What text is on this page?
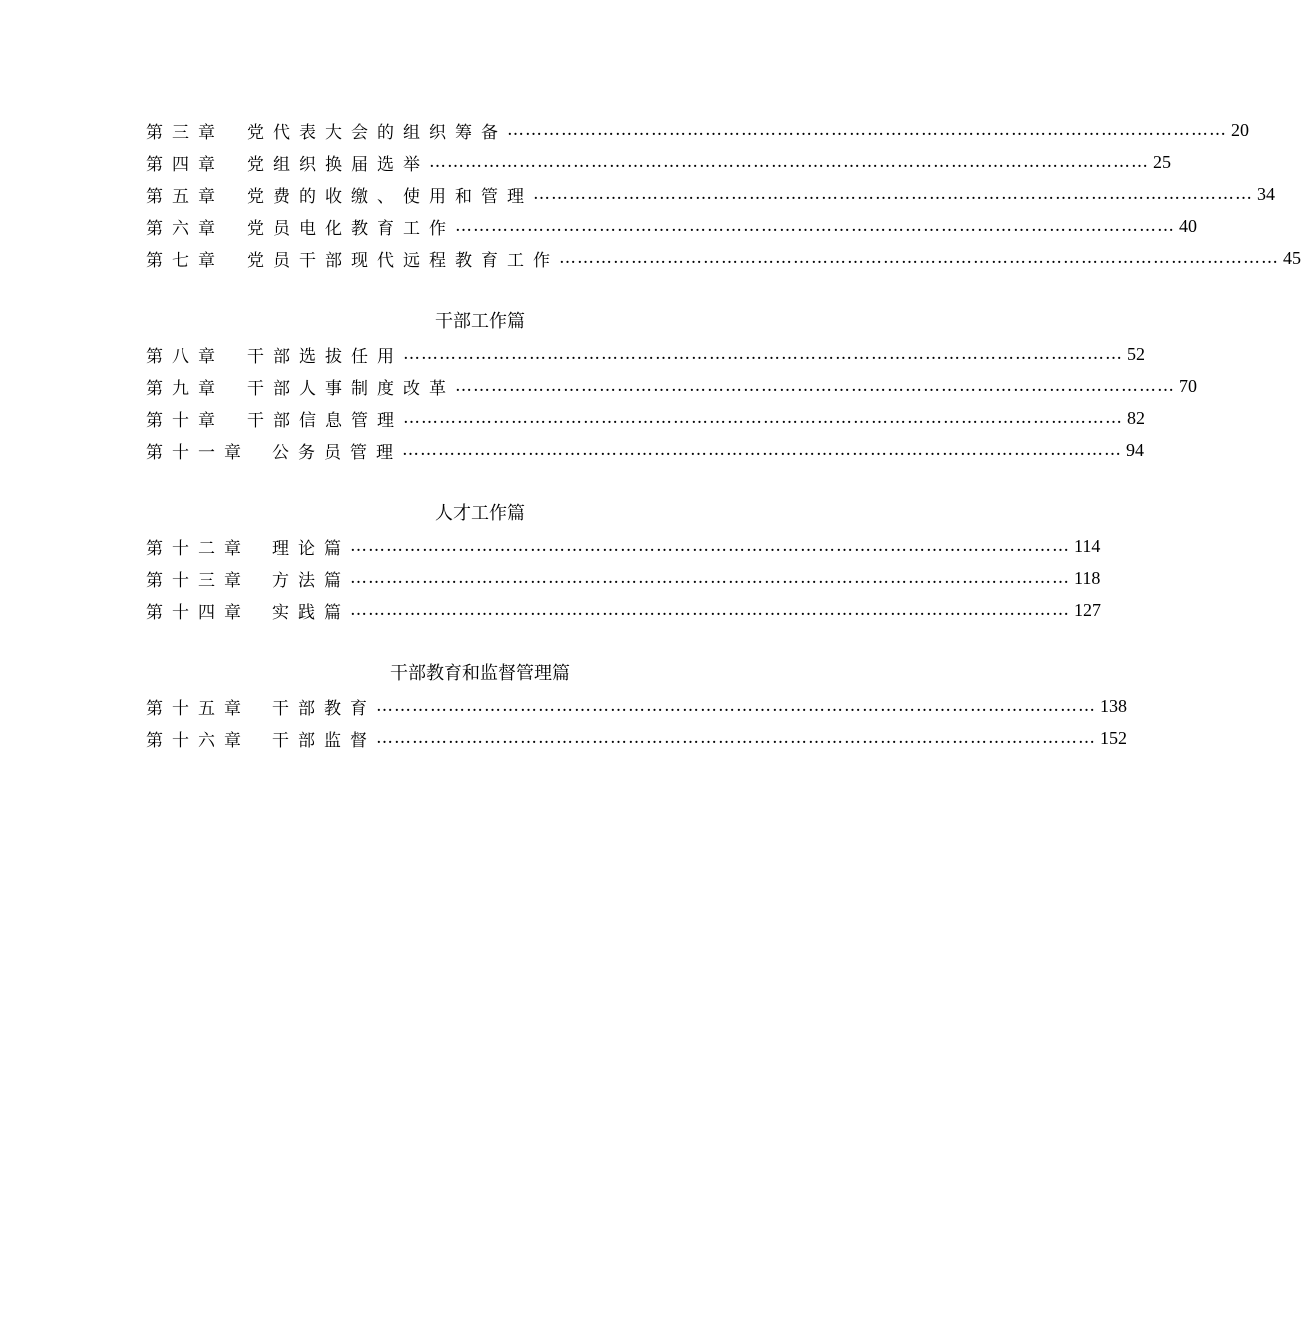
第三章	党代表大会的组织筹备 ………………………………………………………………………………………………………… 20
第四章	党组织换届选举 ………………………………………………………………………………………………………… 25
第五章	党费的收缴、使用和管理 ………………………………………………………………………………………………………… 34
第六章	党员电化教育工作 ………………………………………………………………………………………………………… 40
第七章	党员干部现代远程教育工作 ………………………………………………………………………………………………………… 45
干部工作篇
第八章	干部选拔任用 ………………………………………………………………………………………………………… 52
第九章	干部人事制度改革 ………………………………………………………………………………………………………… 70
第十章	干部信息管理 ………………………………………………………………………………………………………… 82
第十一章	公务员管理 ………………………………………………………………………………………………………… 94
人才工作篇
第十二章	理论篇 ………………………………………………………………………………………………………… 114
第十三章	方法篇 ………………………………………………………………………………………………………… 118
第十四章	实践篇 ………………………………………………………………………………………………………… 127
干部教育和监督管理篇
第十五章	干部教育 ………………………………………………………………………………………………………… 138
第十六章	干部监督 ………………………………………………………………………………………………………… 152
